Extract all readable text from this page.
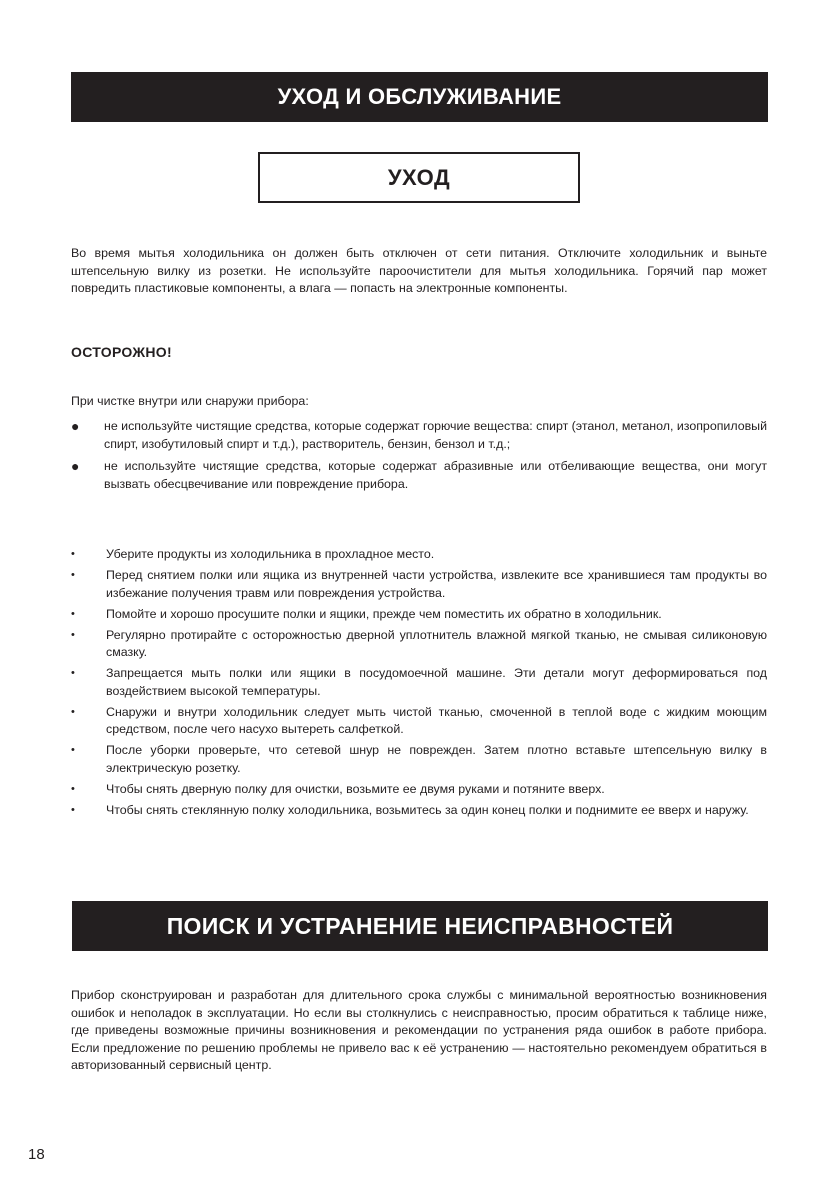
УХОД И ОБСЛУЖИВАНИЕ
УХОД

Во время мытья холодильника он должен быть отключен от сети питания. Отключите холодильник и выньте штепсельную вилку из розетки. Не используйте пароочистители для мытья холодильника. Горячий пар может повредить пластиковые компоненты, а влага — попасть на электронные компоненты.

ОСТОРОЖНО!

При чистке внутри или снаружи прибора:

● не используйте чистящие средства, которые содержат горючие вещества: спирт (этанол, метанол, изопропиловый спирт, изобутиловый спирт и т.д.), растворитель, бензин, бензол и т.д.;
● не используйте чистящие средства, которые содержат абразивные или отбеливающие вещества, они могут вызвать обесцвечивание или повреждение прибора.
•	Уберите продукты из холодильника в прохладное место.
•	Перед снятием полки или ящика из внутренней части устройства, извлеките все хранившиеся там продукты во избежание получения травм или повреждения устройства.
•	Помойте и хорошо просушите полки и ящики, прежде чем поместить их обратно в холодильник.
•	Регулярно протирайте с осторожностью дверной уплотнитель влажной мягкой тканью, не смывая силиконовую смазку.
•	Запрещается мыть полки или ящики в посудомоечной машине. Эти детали могут деформироваться под воздействием высокой температуры.
•	Снаружи и внутри холодильник следует мыть чистой тканью, смоченной в теплой воде с жидким моющим средством, после чего насухо вытереть салфеткой.
•	После уборки проверьте, что сетевой шнур не поврежден. Затем плотно вставьте штепсельную вилку в электрическую розетку.
•	Чтобы снять дверную полку для очистки, возьмите ее двумя руками и потяните вверх.
•	Чтобы снять стеклянную полку холодильника, возьмитесь за один конец полки и поднимите ее вверх и наружу.
ПОИСК И УСТРАНЕНИЕ НЕИСПРАВНОСТЕЙ

Прибор сконструирован и разработан для длительного срока службы с минимальной вероятностью возникновения ошибок и неполадок в эксплуатации. Но если вы столкнулись с неисправностью, просим обратиться к таблице ниже, где приведены возможные причины возникновения и рекомендации по устранения ряда ошибок в работе прибора. Если предложение по решению проблемы не привело вас к её устранению — настоятельно рекомендуем обратиться в авторизованный сервисный центр.

18
